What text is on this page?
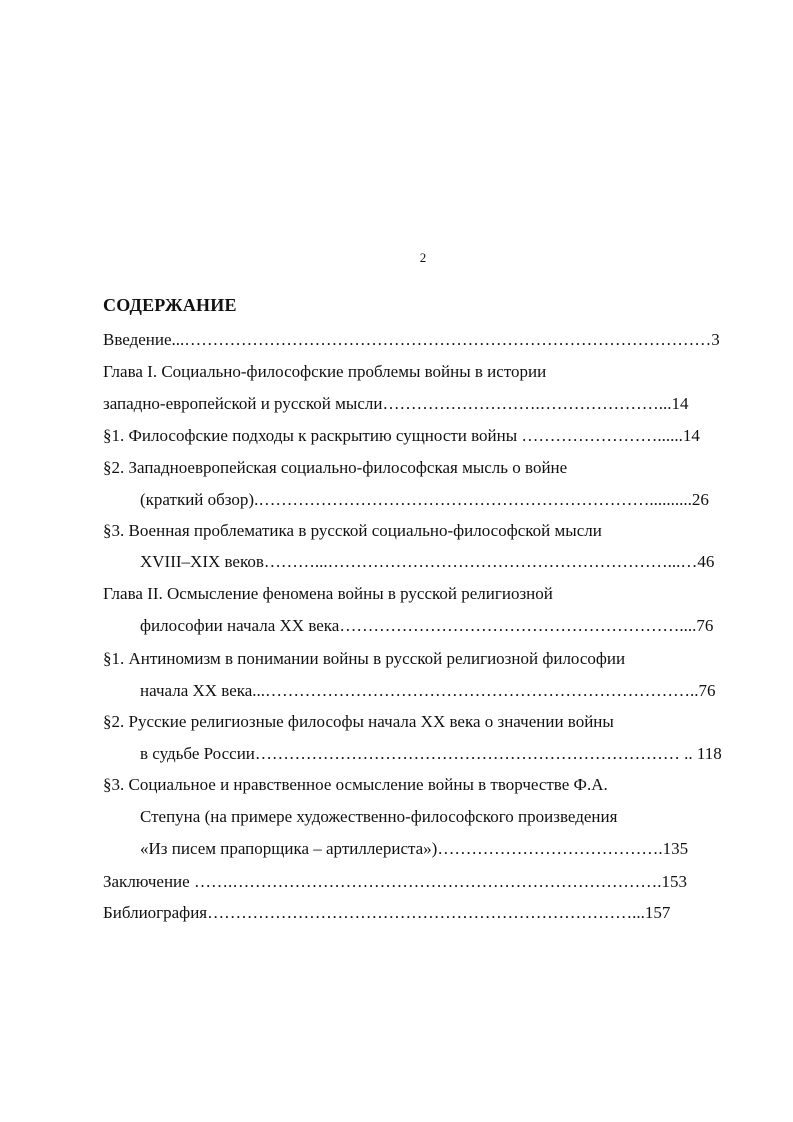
2
СОДЕРЖАНИЕ
Введение...…………………………………………………………………………………3
Глава I. Социально-философские проблемы войны в истории
западно-европейской и русской мысли……………………….…………………...14
§1. Философские подходы к раскрытию сущности войны ……………………......14
§2. Западноевропейская социально-философская мысль о войне
(краткий обзор).……………………………………………………………..........26
§3. Военная проблематика в русской социально-философской мысли
XVIII–XIX веков………...……………………………………………………...…46
Глава II. Осмысление феномена войны в русской религиозной
философии начала XX века……………………………………………………....76
§1. Антиномизм в понимании войны в русской религиозной философии
начала XX века...…………………………………………………………………..76
§2. Русские религиозные философы начала XX века о значении войны
в судьбе России………………………………………………………………… .. 118
§3. Социальное и нравственное осмысление войны в творчестве Ф.А.
Степуна (на примере художественно-философского произведения
«Из писем прапорщика – артиллериста»)………………………………….135
Заключение …….………………………………………………………………….153
Библиография…………………………………………………………………...157
